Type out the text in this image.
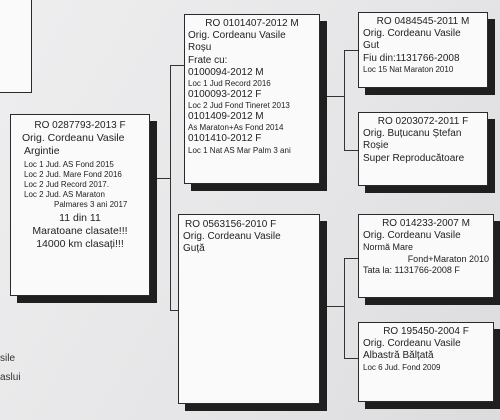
RO 0287793-2013 F
Orig. Cordeanu Vasile
Argintie
Loc 1 Jud. AS Fond 2015
Loc 2 Jud. Mare Fond 2016
Loc 2 Jud Record 2017.
Loc 2 Jud. AS Maraton
Palmares 3 ani 2017
11 din 11
Maratoane clasate!!!
14000 km clasați!!!
RO 0101407-2012 M
Orig. Cordeanu Vasile
Roșu
Frate cu:
0100094-2012 M
Loc 1 Jud Record 2016
0100093-2012 F
Loc 2 Jud Fond Tineret 2013
0101409-2012 M
As Maraton+As Fond 2014
0101410-2012 F
Loc 1 Nat AS Mar Palm 3 ani
RO 0563156-2010 F
Orig. Cordeanu Vasile
Guță
RO 0484545-2011 M
Orig. Cordeanu Vasile
Gut
Fiu din:1131766-2008
Loc 15 Nat Maraton 2010
RO 0203072-2011 F
Orig. Buțucanu Ștefan
Roșie
Super Reproducătoare
RO 014233-2007 M
Orig. Cordeanu Vasile
Normă Mare
Fond+Maraton 2010
Tata la: 1131766-2008 F
RO 195450-2004 F
Orig. Cordeanu Vasile
Albastră Bălțată
Loc 6 Jud. Fond 2009
sile
aslui
